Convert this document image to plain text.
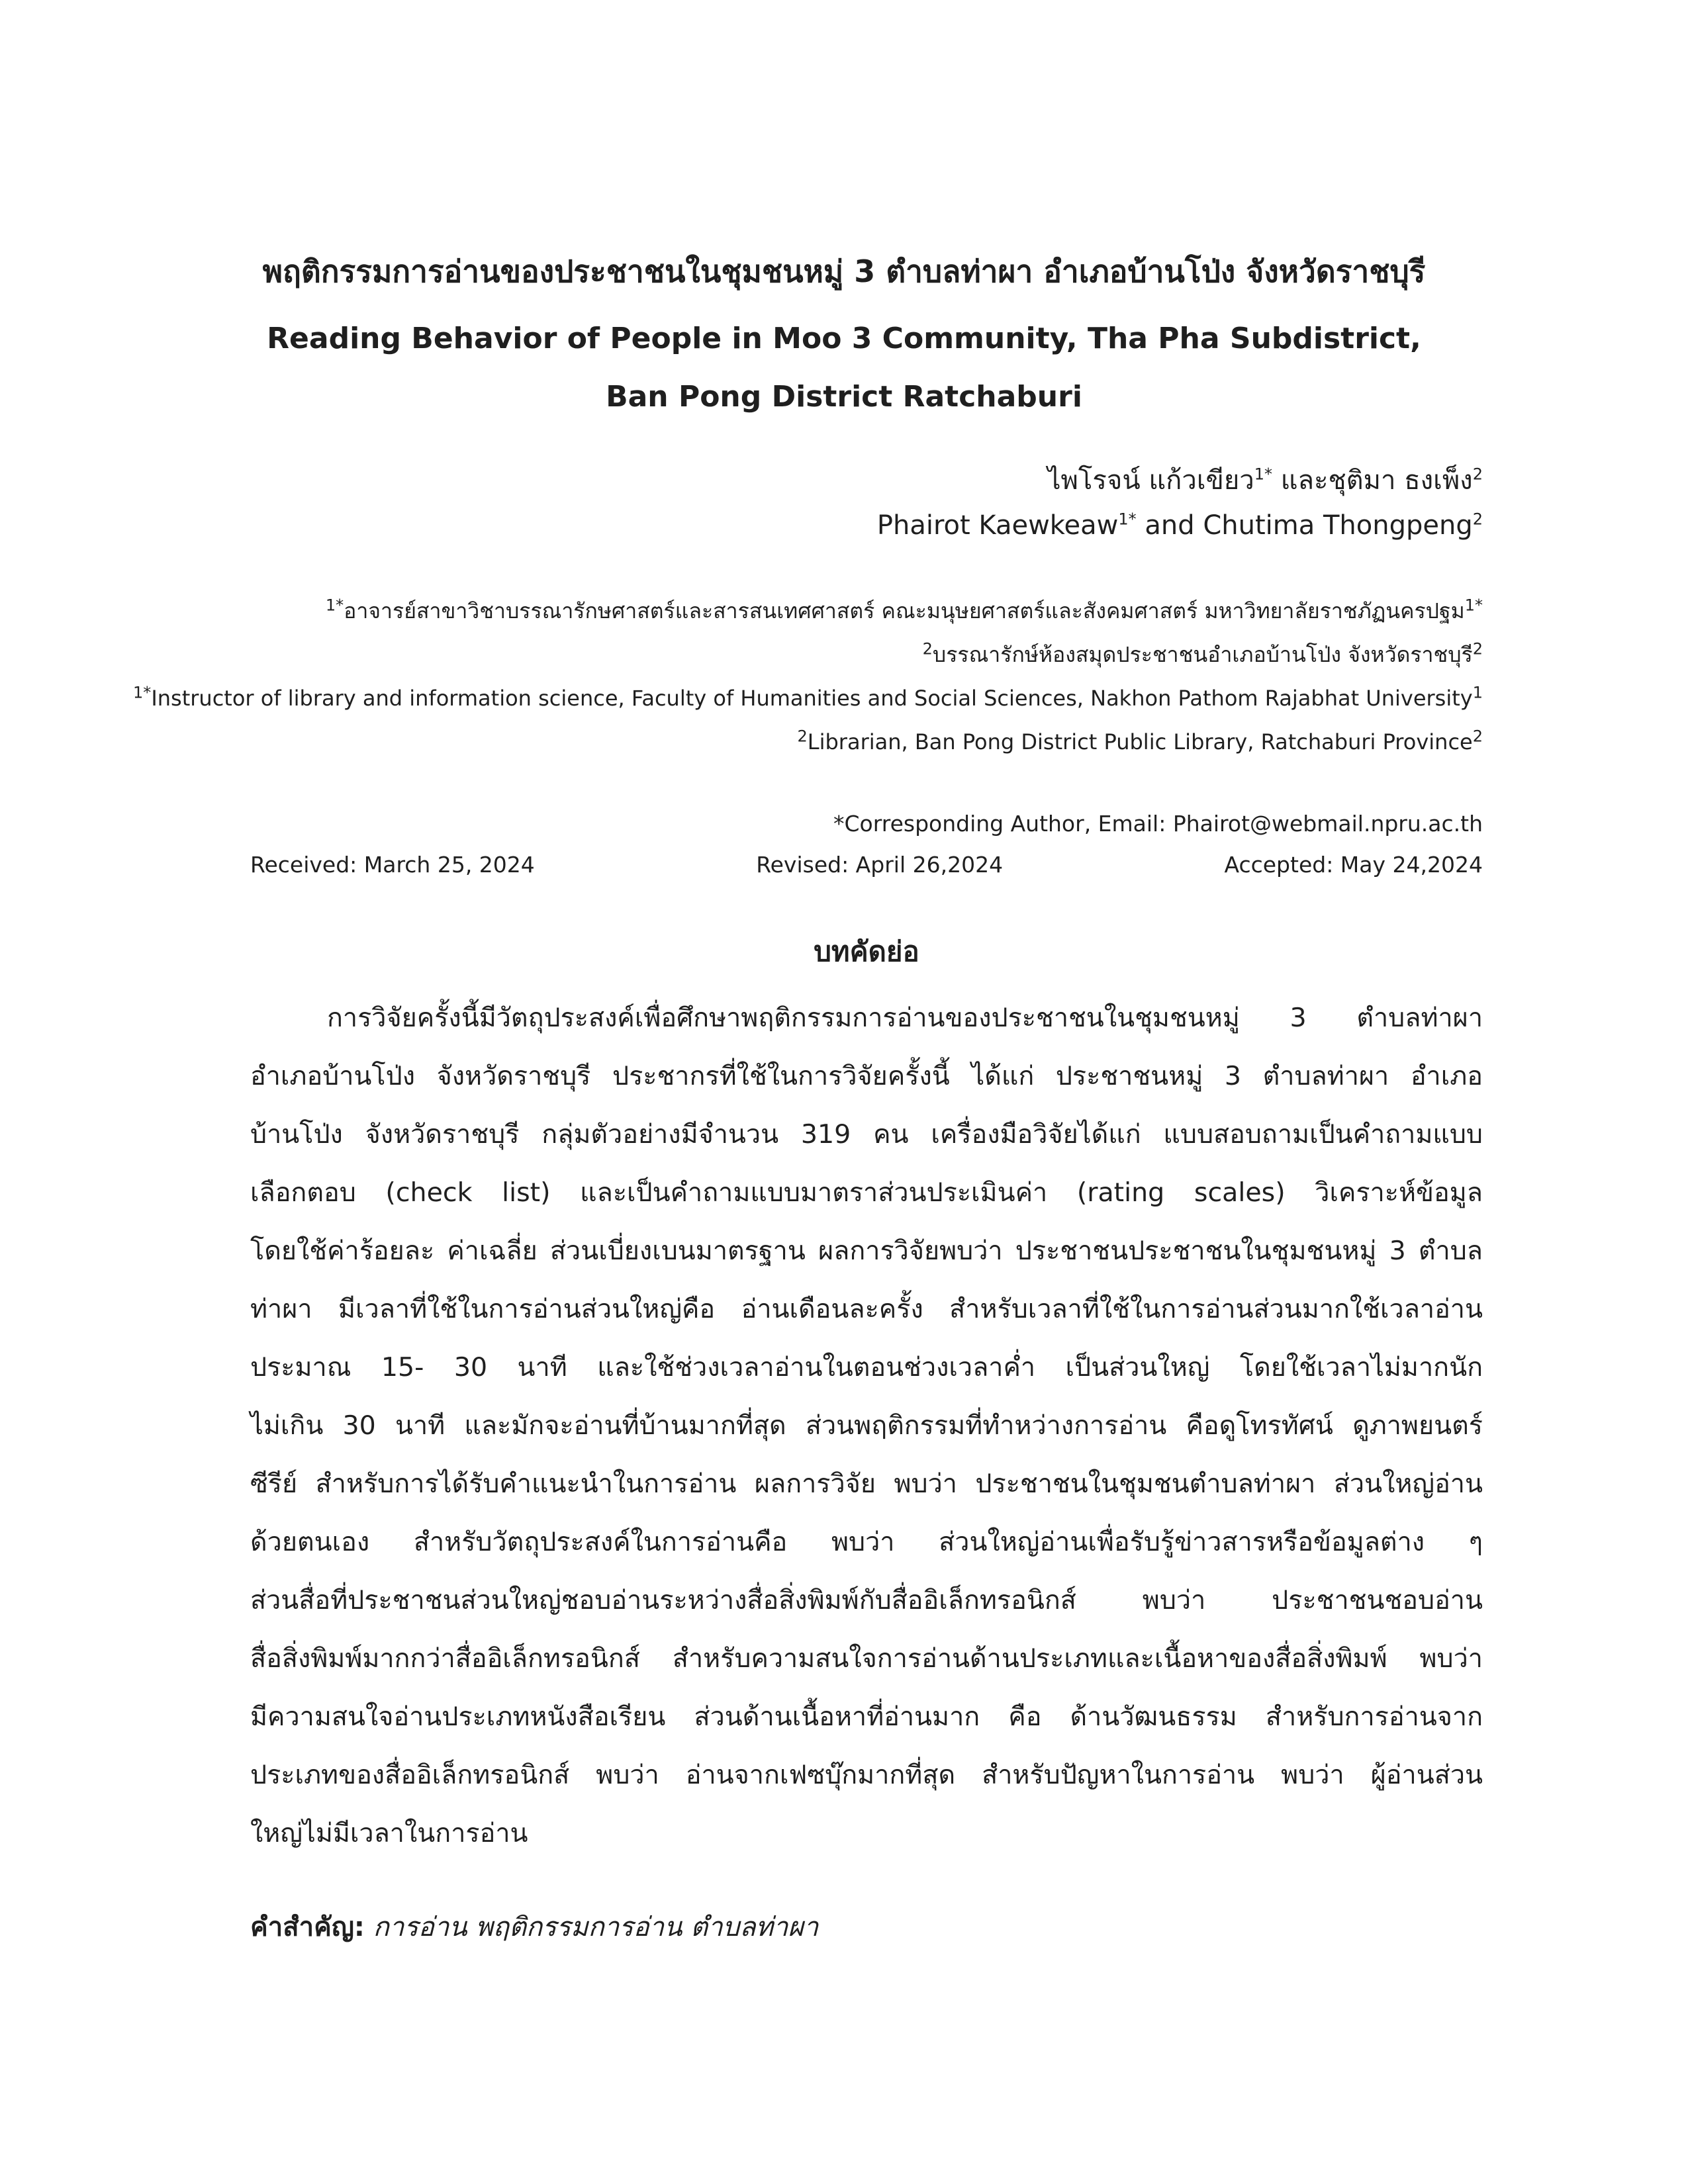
พฤติกรรมการอ่านของประชาชนในชุมชนหมู่ 3 ตำบลท่าผา อำเภอบ้านโป่ง จังหวัดราชบุรี
Reading Behavior of People in Moo 3 Community, Tha Pha Subdistrict,
Ban Pong District Ratchaburi
ไพโรจน์ แก้วเขียว$^{1*}$ และชุติมา ธงเพ็ง$^2$
Phairot Kaewkeaw$^{1*}$ and Chutima Thongpeng$^2$
$^{1*}$อาจารย์สาขาวิชาบรรณารักษศาสตร์และสารสนเทศศาสตร์ คณะมนุษยศาสตร์และสังคมศาสตร์ มหาวิทยาลัยราชภัฏนครปฐม$^{1*}$
$^2$บรรณารักษ์ห้องสมุดประชาชนอำเภอบ้านโป่ง จังหวัดราชบุรี$^2$
$^{1*}$Instructor of library and information science, Faculty of Humanities and Social Sciences, Nakhon Pathom Rajabhat University$^1$
$^2$Librarian, Ban Pong District Public Library, Ratchaburi Province$^2$
*Corresponding Author, Email: Phairot@webmail.npru.ac.th
Received: March 25, 2024	Revised: April 26,2024	Accepted: May 24,2024
บทคัดย่อ
การวิจัยครั้งนี้มีวัตถุประสงค์เพื่อศึกษาพฤติกรรมการอ่านของประชาชนในชุมชนหมู่ 3 ตำบลท่าผา
อำเภอบ้านโป่ง จังหวัดราชบุรี ประชากรที่ใช้ในการวิจัยครั้งนี้ ได้แก่ ประชาชนหมู่ 3 ตำบลท่าผา อำเภอ
บ้านโป่ง จังหวัดราชบุรี กลุ่มตัวอย่างมีจำนวน 319 คน เครื่องมือวิจัยได้แก่ แบบสอบถามเป็นคำถามแบบ
เลือกตอบ (check list) และเป็นคำถามแบบมาตราส่วนประเมินค่า (rating scales) วิเคราะห์ข้อมูล
โดยใช้ค่าร้อยละ ค่าเฉลี่ย ส่วนเบี่ยงเบนมาตรฐาน ผลการวิจัยพบว่า ประชาชนประชาชนในชุมชนหมู่ 3 ตำบล
ท่าผา มีเวลาที่ใช้ในการอ่านส่วนใหญ่คือ อ่านเดือนละครั้ง สำหรับเวลาที่ใช้ในการอ่านส่วนมากใช้เวลาอ่าน
ประมาณ 15- 30 นาที และใช้ช่วงเวลาอ่านในตอนช่วงเวลาค่ำ เป็นส่วนใหญ่ โดยใช้เวลาไม่มากนัก
ไม่เกิน 30 นาที และมักจะอ่านที่บ้านมากที่สุด ส่วนพฤติกรรมที่ทำหว่างการอ่าน คือดูโทรทัศน์ ดูภาพยนตร์
ซีรีย์ สำหรับการได้รับคำแนะนำในการอ่าน ผลการวิจัย พบว่า ประชาชนในชุมชนตำบลท่าผา ส่วนใหญ่อ่าน
ด้วยตนเอง สำหรับวัตถุประสงค์ในการอ่านคือ พบว่า ส่วนใหญ่อ่านเพื่อรับรู้ข่าวสารหรือข้อมูลต่าง ๆ
ส่วนสื่อที่ประชาชนส่วนใหญ่ชอบอ่านระหว่างสื่อสิ่งพิมพ์กับสื่ออิเล็กทรอนิกส์ พบว่า ประชาชนชอบอ่าน
สื่อสิ่งพิมพ์มากกว่าสื่ออิเล็กทรอนิกส์ สำหรับความสนใจการอ่านด้านประเภทและเนื้อหาของสื่อสิ่งพิมพ์ พบว่า
มีความสนใจอ่านประเภทหนังสือเรียน ส่วนด้านเนื้อหาที่อ่านมาก คือ ด้านวัฒนธรรม สำหรับการอ่านจาก
ประเภทของสื่ออิเล็กทรอนิกส์ พบว่า อ่านจากเฟซบุ๊กมากที่สุด สำหรับปัญหาในการอ่าน พบว่า ผู้อ่านส่วน
ใหญ่ไม่มีเวลาในการอ่าน
คำสำคัญ: การอ่าน พฤติกรรมการอ่าน ตำบลท่าผา
